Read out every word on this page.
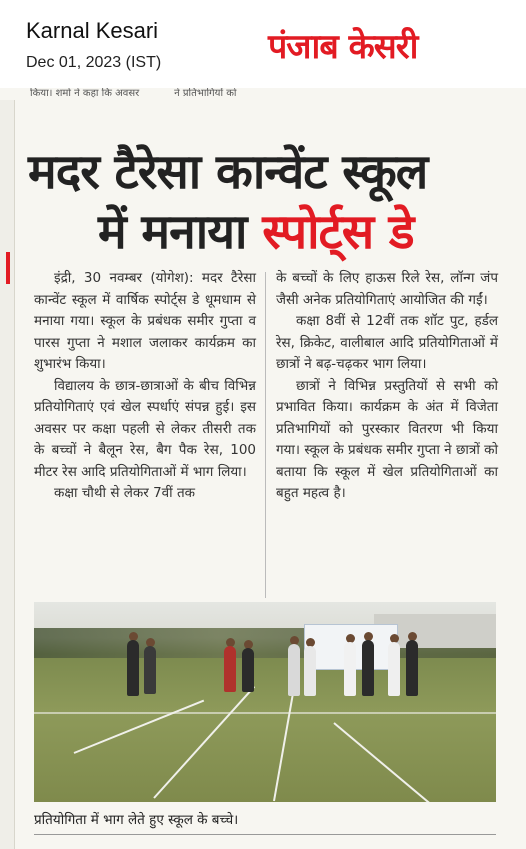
Karnal Kesari
Dec 01, 2023 (IST)	पंजाब केसरी
किया। शर्मा ने कहा कि अवसर           ने प्रतिभागियों को
मदर टैरेसा कान्वेंट स्कूल
में मनाया स्पोर्ट्स डे

इंद्री, 30 नवम्बर (योगेश): मदर टैरेसा कान्वेंट स्कूल में वार्षिक स्पोर्ट्स डे धूमधाम से मनाया गया। स्कूल के प्रबंधक समीर गुप्ता व पारस गुप्ता ने मशाल जलाकर कार्यक्रम का शुभारंभ किया।

विद्यालय के छात्र-छात्राओं के बीच विभिन्न प्रतियोगिताएं एवं खेल स्पर्धाएं संपन्न हुई। इस अवसर पर कक्षा पहली से लेकर तीसरी तक के बच्चों ने बैलून रेस, बैग पैक रेस, 100 मीटर रेस आदि प्रतियोगिताओं में भाग लिया।

कक्षा चौथी से लेकर 7वीं तक

के बच्चों के लिए हाऊस रिले रेस, लॉन्ग जंप जैसी अनेक प्रतियोगिताएं आयोजित की गईं।

कक्षा 8वीं से 12वीं तक शॉट पुट, हर्डल रेस, क्रिकेट, वालीबाल आदि प्रतियोगिताओं में छात्रों ने बढ़-चढ़कर भाग लिया।

छात्रों ने विभिन्न प्रस्तुतियों से सभी को प्रभावित किया। कार्यक्रम के अंत में विजेता प्रतिभागियों को पुरस्कार वितरण भी किया गया। स्कूल के प्रबंधक समीर गुप्ता ने छात्रों को बताया कि स्कूल में खेल प्रतियोगिताओं का बहुत महत्व है।

प्रतियोगिता में भाग लेते हुए स्कूल के बच्चे।
